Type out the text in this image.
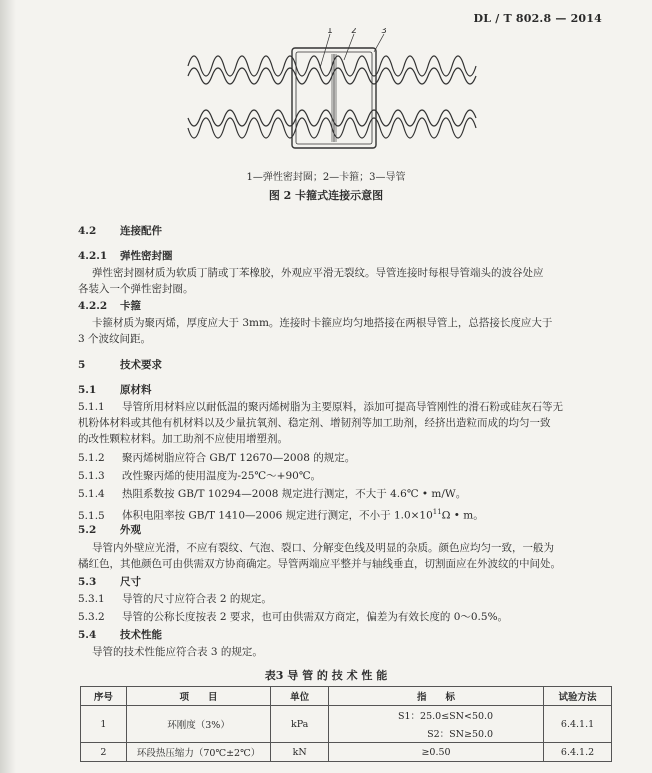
DL / T 802.8 — 2014
1 2	3
1—弹性密封圈；2—卡箍；3—导管
图 2 卡箍式连接示意图
4.2 连接配件
4.2.1 弹性密封圈
弹性密封圈材质为软质丁腈或丁苯橡胶，外观应平滑无裂纹。导管连接时每根导管端头的波谷处应
各装入一个弹性密封圈。
4.2.2 卡箍
卡箍材质为聚丙烯，厚度应大于 3mm。连接时卡箍应均匀地搭接在两根导管上，总搭接长度应大于
3 个波纹间距。
5	技术要求
5.1 原材料
5.1.1 导管所用材料应以耐低温的聚丙烯树脂为主要原料，添加可提高导管刚性的滑石粉或硅灰石等无
机粉体材料或其他有机材料以及少量抗氧剂、稳定剂、增韧剂等加工助剂，经挤出造粒而成的均匀一致
的改性颗粒材料。加工助剂不应使用增塑剂。
5.1.2 聚丙烯树脂应符合 GB/T 12670—2008 的规定。
5.1.3 改性聚丙烯的使用温度为-25℃～+90℃。
5.1.4 热阻系数按 GB/T 10294—2008 规定进行测定，不大于 4.6℃ • m/W。
5.1.5 体积电阻率按 GB/T 1410—2006 规定进行测定，不小于 $1.0\times 10^{11}\Omega$ • m。
5.2 外观
导管内外壁应光滑，不应有裂纹、气泡、裂口、分解变色线及明显的杂质。颜色应均匀一致，一般为
橘红色，其他颜色可由供需双方协商确定。导管两端应平整并与轴线垂直，切割面应在外波纹的中间处。
5.3 尺寸
5.3.1 导管的尺寸应符合表 2 的规定。
5.3.2 导管的公称长度按表 2 要求，也可由供需双方商定，偏差为有效长度的 0～0.5%。
5.4 技术性能
导管的技术性能应符合表 3 的规定。
表3 导 管 的 技 术 性 能
序号	项　　目	单位	指　　标	试验方法
1	环刚度（3%）	kPa	S1：25.0≤SN<50.0	6.4.1.1
			S2：SN≥50.0	
2	环段热压缩力（70℃±2℃）	kN	≥0.50	6.4.1.2
